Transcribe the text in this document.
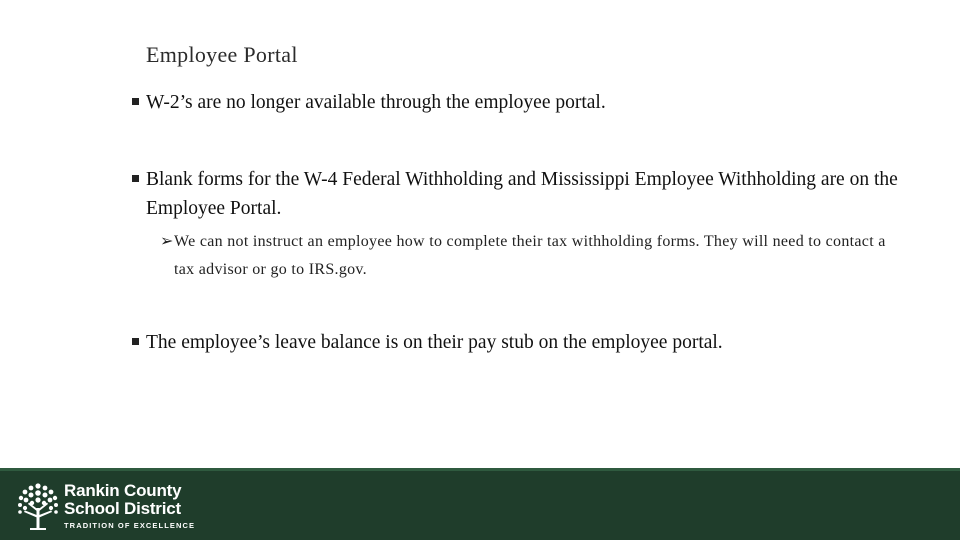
Employee Portal
W-2’s are no longer available through the employee portal.
Blank forms for the W-4 Federal Withholding and Mississippi Employee Withholding are on the Employee Portal.
➢ We can not instruct an employee how to complete their tax withholding forms. They will need to contact a tax advisor or go to IRS.gov.
The employee’s leave balance is on their pay stub on the employee portal.
Rankin County
School District
TRADITION OF EXCELLENCE
